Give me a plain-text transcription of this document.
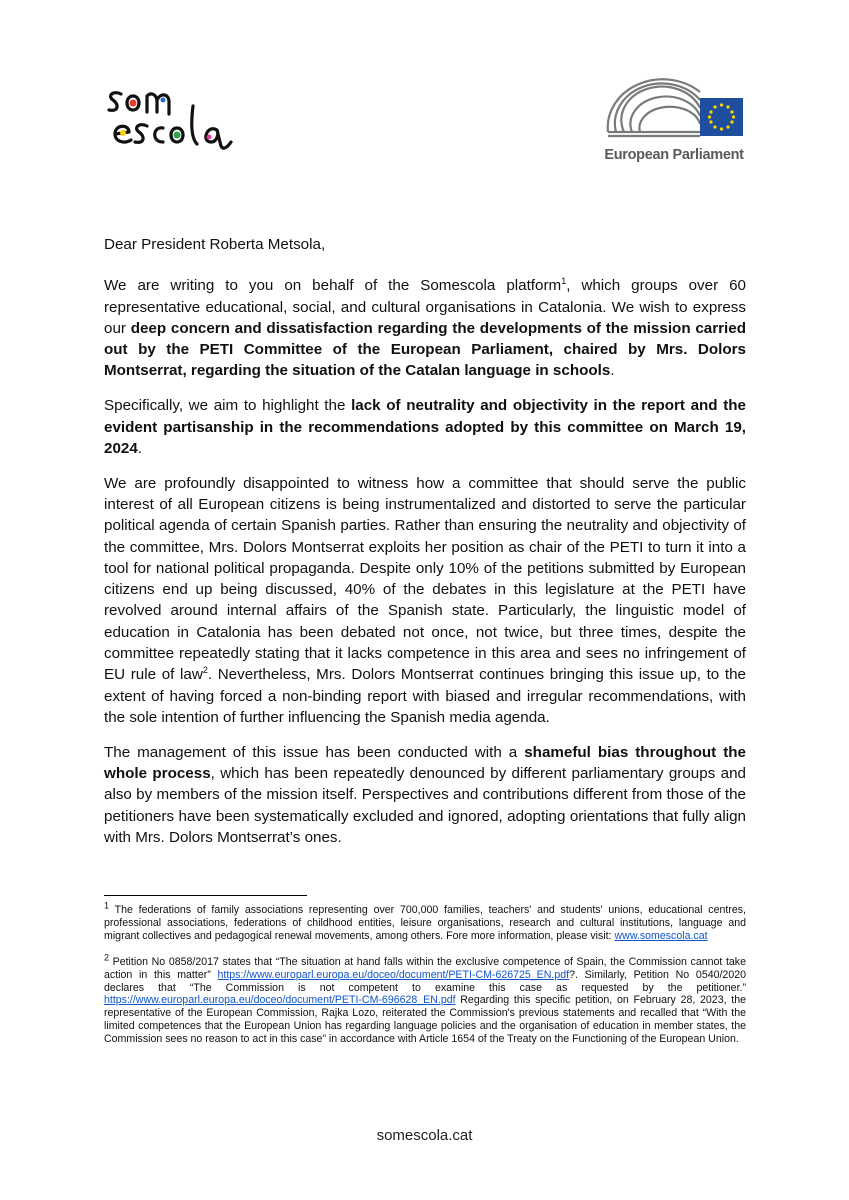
European Parliament

Dear President Roberta Metsola,

We are writing to you on behalf of the Somescola platform$^1$, which groups over 60 representative educational, social, and cultural organisations in Catalonia. We wish to express our deep concern and dissatisfaction regarding the developments of the mission carried out by the PETI Committee of the European Parliament, chaired by Mrs. Dolors Montserrat, regarding the situation of the Catalan language in schools.

Specifically, we aim to highlight the lack of neutrality and objectivity in the report and the evident partisanship in the recommendations adopted by this committee on March 19, 2024.

We are profoundly disappointed to witness how a committee that should serve the public interest of all European citizens is being instrumentalized and distorted to serve the particular political agenda of certain Spanish parties. Rather than ensuring the neutrality and objectivity of the committee, Mrs. Dolors Montserrat exploits her position as chair of the PETI to turn it into a tool for national political propaganda. Despite only 10% of the petitions submitted by European citizens end up being discussed, 40% of the debates in this legislature at the PETI have revolved around internal affairs of the Spanish state. Particularly, the linguistic model of education in Catalonia has been debated not once, not twice, but three times, despite the committee repeatedly stating that it lacks competence in this area and sees no infringement of EU rule of law$^2$. Nevertheless, Mrs. Dolors Montserrat continues bringing this issue up, to the extent of having forced a non-binding report with biased and irregular recommendations, with the sole intention of further influencing the Spanish media agenda.

The management of this issue has been conducted with a shameful bias throughout the whole process, which has been repeatedly denounced by different parliamentary groups and also by members of the mission itself. Perspectives and contributions different from those of the petitioners have been systematically excluded and ignored, adopting orientations that fully align with Mrs. Dolors Montserrat’s ones.

$^1$ The federations of family associations representing over 700,000 families, teachers' and students' unions, educational centres, professional associations, federations of childhood entities, leisure organisations, research and cultural institutions, language and migrant collectives and pedagogical renewal movements, among others. Fore more information, please visit: www.somescola.cat

$^2$ Petition No 0858/2017 states that “The situation at hand falls within the exclusive competence of Spain, the Commission cannot take action in this matter” https://www.europarl.europa.eu/doceo/document/PETI-CM-626725_EN.pdf?. Similarly, Petition No 0540/2020 declares that “The Commission is not competent to examine this case as requested by the petitioner.” https://www.europarl.europa.eu/doceo/document/PETI-CM-696628_EN.pdf Regarding this specific petition, on February 28, 2023, the representative of the European Commission, Rajka Lozo, reiterated the Commission's previous statements and recalled that “With the limited competences that the European Union has regarding language policies and the organisation of education in member states, the Commission sees no reason to act in this case” in accordance with Article 1654 of the Treaty on the Functioning of the European Union.

somescola.cat
